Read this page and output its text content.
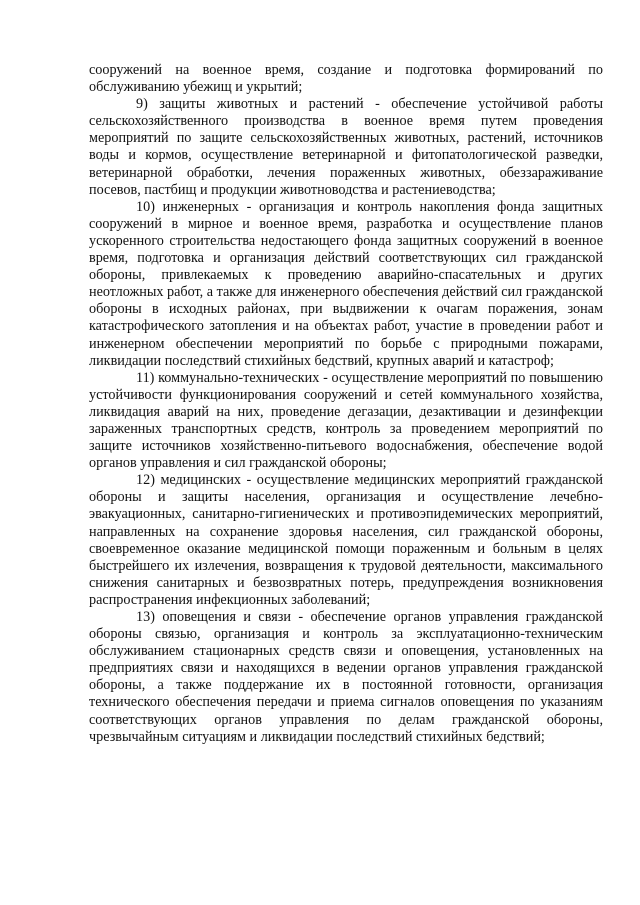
сооружений на военное время, создание и подготовка формирований по обслуживанию убежищ и укрытий;

9) защиты животных и растений - обеспечение устойчивой работы сельскохозяйственного производства в военное время путем проведения мероприятий по защите сельскохозяйственных животных, растений, источников воды и кормов, осуществление ветеринарной и фитопатологической разведки, ветеринарной обработки, лечения пораженных животных, обеззараживание посевов, пастбищ и продукции животноводства и растениеводства;

10) инженерных - организация и контроль накопления фонда защитных сооружений в мирное и военное время, разработка и осуществление планов ускоренного строительства недостающего фонда защитных сооружений в военное время, подготовка и организация действий соответствующих сил гражданской обороны, привлекаемых к проведению аварийно-спасательных и других неотложных работ, а также для инженерного обеспечения действий сил гражданской обороны в исходных районах, при выдвижении к очагам поражения, зонам катастрофического затопления и на объектах работ, участие в проведении работ и инженерном обеспечении мероприятий по борьбе с природными пожарами, ликвидации последствий стихийных бедствий, крупных аварий и катастроф;

11) коммунально-технических - осуществление мероприятий по повышению устойчивости функционирования сооружений и сетей коммунального хозяйства, ликвидация аварий на них, проведение дегазации, дезактивации и дезинфекции зараженных транспортных средств, контроль за проведением мероприятий по защите источников хозяйственно-питьевого водоснабжения, обеспечение водой органов управления и сил гражданской обороны;

12) медицинских - осуществление медицинских мероприятий гражданской обороны и защиты населения, организация и осуществление лечебно-эвакуационных, санитарно-гигиенических и противоэпидемических мероприятий, направленных на сохранение здоровья населения, сил гражданской обороны, своевременное оказание медицинской помощи пораженным и больным в целях быстрейшего их излечения, возвращения к трудовой деятельности, максимального снижения санитарных и безвозвратных потерь, предупреждения возникновения распространения инфекционных заболеваний;

13) оповещения и связи - обеспечение органов управления гражданской обороны связью, организация и контроль за эксплуатационно-техническим обслуживанием стационарных средств связи и оповещения, установленных на предприятиях связи и находящихся в ведении органов управления гражданской обороны, а также поддержание их в постоянной готовности, организация технического обеспечения передачи и приема сигналов оповещения по указаниям соответствующих органов управления по делам гражданской обороны, чрезвычайным ситуациям и ликвидации последствий стихийных бедствий;
